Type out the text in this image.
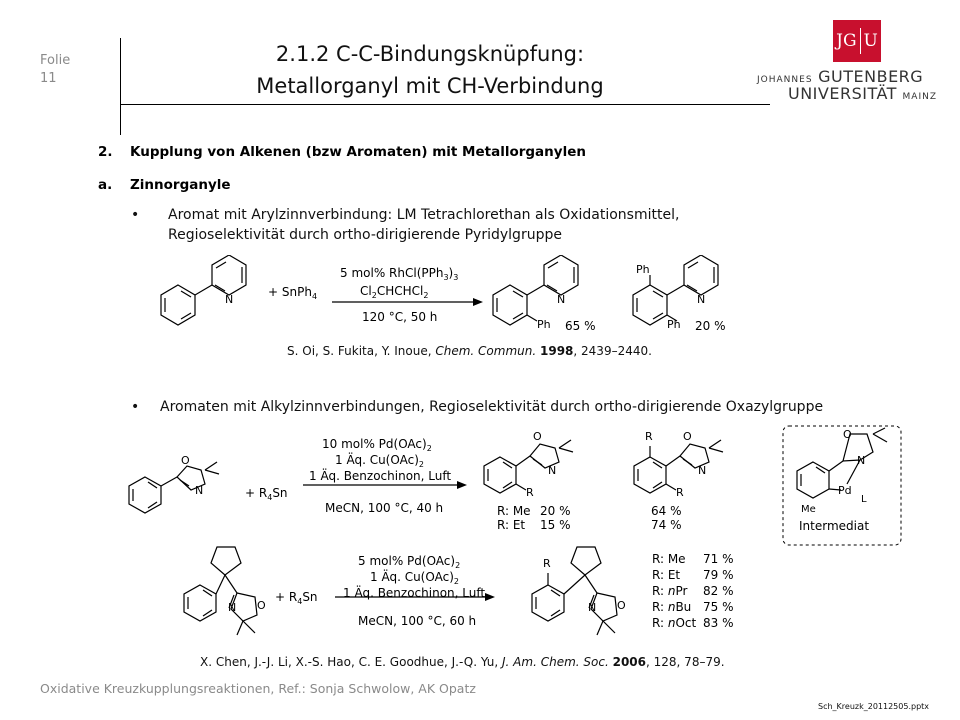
Folie
11
2.1.2 C-C-Bindungsknüpfung:
Metallorganyl mit CH-Verbindung
JG U
JOHANNES GUTENBERG
UNIVERSITÄT MAINZ
2. Kupplung von Alkenen (bzw Aromaten) mit Metallorganylen
a. Zinnorganyle
• Aromat mit Arylzinnverbindung: LM Tetrachlorethan als Oxidationsmittel,
Regioselektivität durch ortho-dirigierende Pyridylgruppe
N
+ SnPh$_4$
5 mol% $RhCl(PPh_3)_3$
$Cl_2CHCHCl_2$
120 °C, 50 h
N
Ph 65 %
N
Ph
Ph 20 %
S. Oi, S. Fukita, Y. Inoue, Chem. Commun. 1998, 2439–2440.
• Aromaten mit Alkylzinnverbindungen, Regioselektivität durch ortho-dirigierende Oxazylgruppe
O
N	+ $R_4Sn$
10 mol% $Pd(OAc)_2$
1 Äq. $Cu(OAc)_2$
1 Äq. Benzochinon, Luft
MeCN, 100 °C, 40 h
O
N
R
R: Me 20 %
R: Et 15 %
R	O
N
R
64 %
74 %
O
N
Pd
L
Me
Intermediat
N O
+ $R_4Sn$
5 mol% $Pd(OAc)_2$
1 Äq. $Cu(OAc)_2$
1 Äq. Benzochinon, Luft
MeCN, 100 °C, 60 h
R
N O
R: Me 71 %
R: Et 79 %
R: nPr 82 %
R: nBu 75 %
R: nOct 83 %
X. Chen, J.-J. Li, X.-S. Hao, C. E. Goodhue, J.-Q. Yu, J. Am. Chem. Soc. 2006, 128, 78–79.
Oxidative Kreuzkupplungsreaktionen, Ref.: Sonja Schwolow, AK Opatz
Sch_Kreuzk_20112505.pptx
